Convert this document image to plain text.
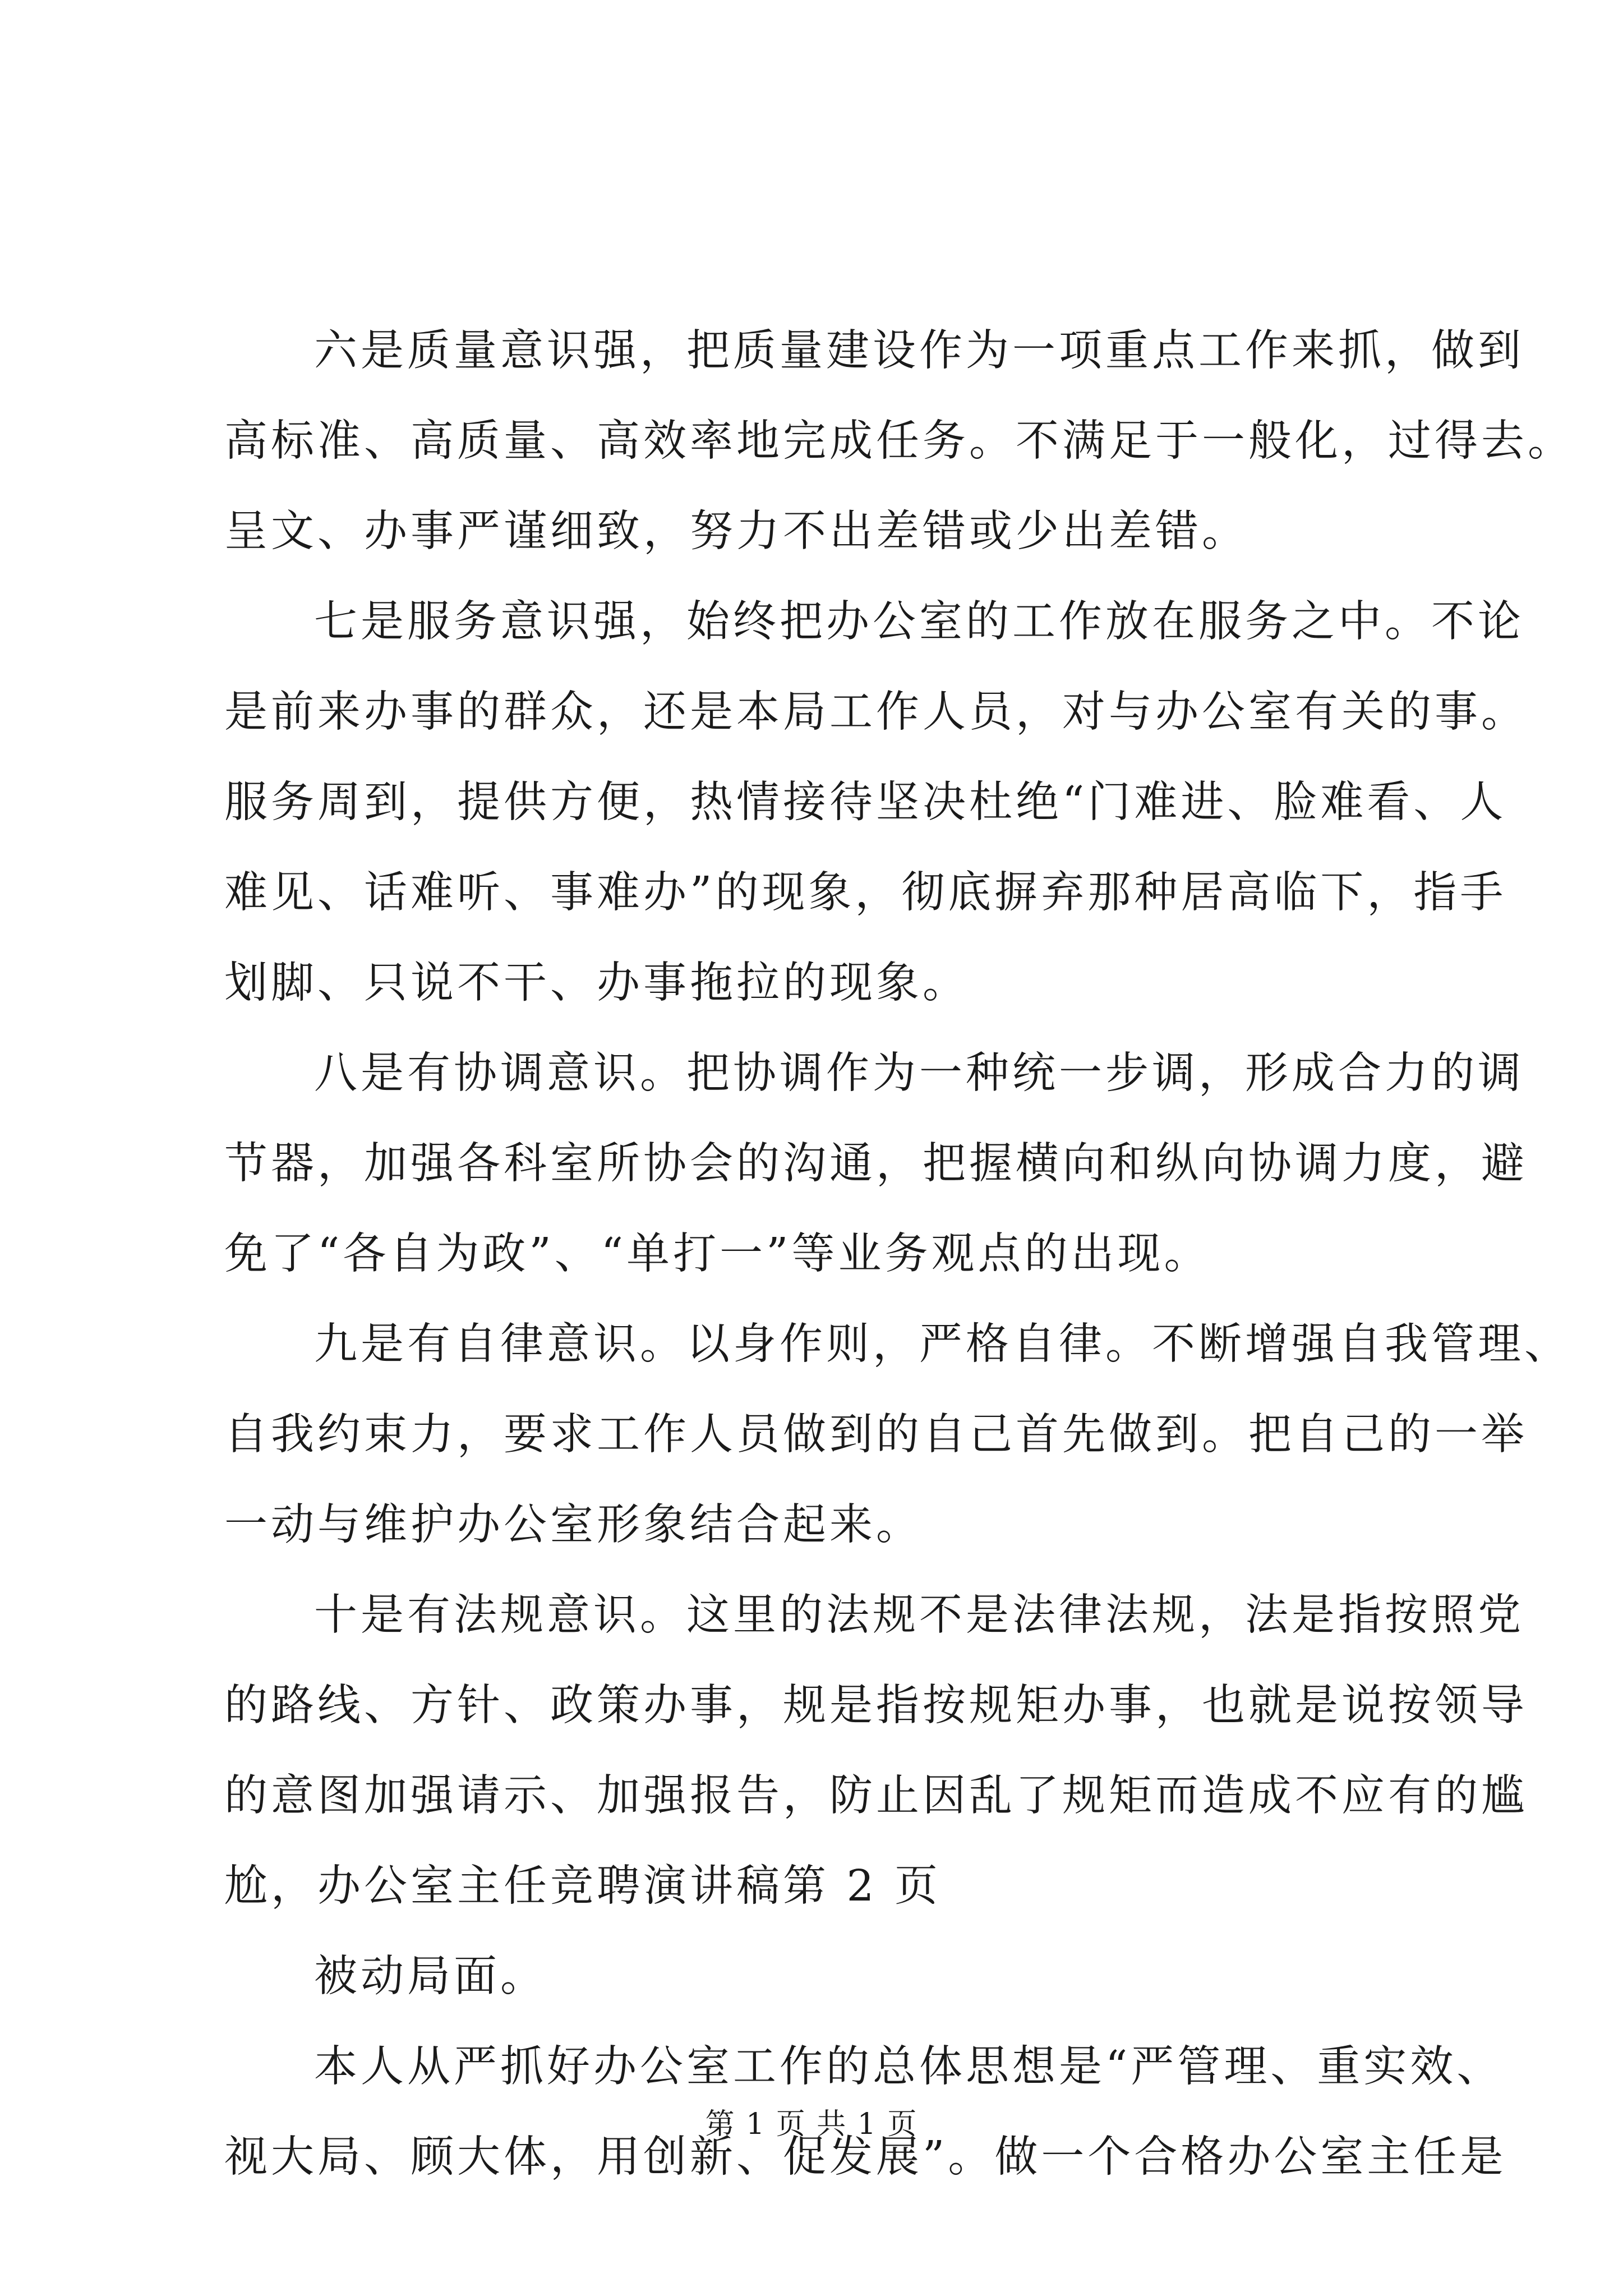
六是质量意识强，把质量建设作为一项重点工作来抓，做到
高标准、高质量、高效率地完成任务。不满足于一般化，过得去。
呈文、办事严谨细致，努力不出差错或少出差错。

七是服务意识强，始终把办公室的工作放在服务之中。不论
是前来办事的群众，还是本局工作人员，对与办公室有关的事。
服务周到，提供方便，热情接待坚决杜绝“门难进、脸难看、人
难见、话难听、事难办”的现象，彻底摒弃那种居高临下，指手
划脚、只说不干、办事拖拉的现象。

八是有协调意识。把协调作为一种统一步调，形成合力的调
节器，加强各科室所协会的沟通，把握横向和纵向协调力度，避
免了“各自为政”、“单打一”等业务观点的出现。

九是有自律意识。以身作则，严格自律。不断增强自我管理、
自我约束力，要求工作人员做到的自己首先做到。把自己的一举
一动与维护办公室形象结合起来。

十是有法规意识。这里的法规不是法律法规，法是指按照党
的路线、方针、政策办事，规是指按规矩办事，也就是说按领导
的意图加强请示、加强报告，防止因乱了规矩而造成不应有的尴
尬，办公室主任竞聘演讲稿第 2 页

被动局面。

本人从严抓好办公室工作的总体思想是“严管理、重实效、
视大局、顾大体，用创新、促发展”。做一个合格办公室主任是

第 1 页 共 1 页
